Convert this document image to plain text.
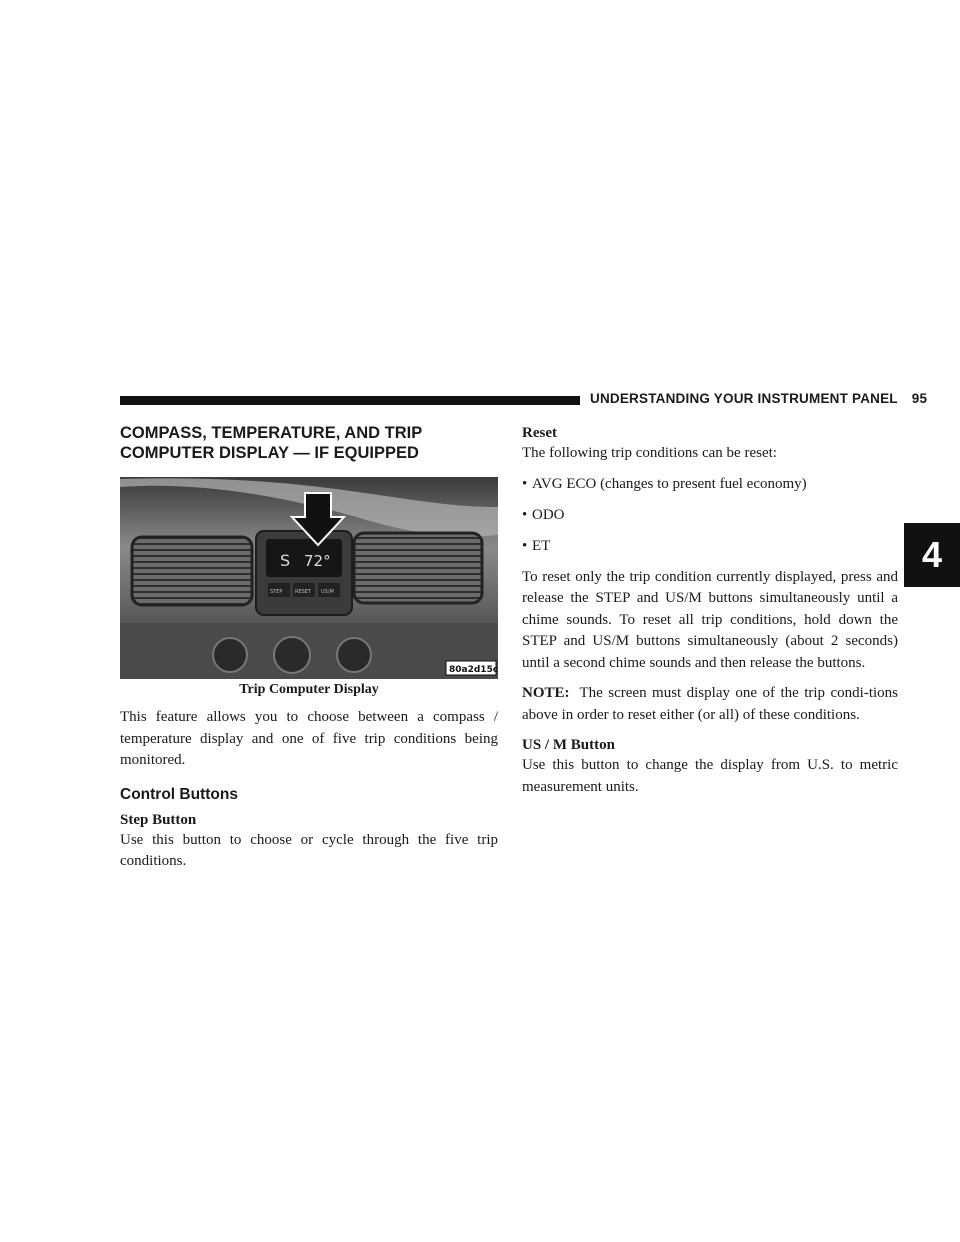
UNDERSTANDING YOUR INSTRUMENT PANEL 95
4
COMPASS, TEMPERATURE, AND TRIP
COMPUTER DISPLAY — IF EQUIPPED
S 72°
STEP	RESET US/M
80a2d15c
Trip Computer Display

This feature allows you to choose between a compass / temperature display and one of five trip conditions being monitored.

Control Buttons
Step Button

Use this button to choose or cycle through the five trip conditions.

Reset

The following trip conditions can be reset:

• AVG ECO (changes to present fuel economy)
• ODO
• ET

To reset only the trip condition currently displayed, press and release the STEP and US/M buttons simultaneously until a chime sounds. To reset all trip conditions, hold down the STEP and US/M buttons simultaneously (about 2 seconds) until a second chime sounds and then release the buttons.

NOTE: The screen must display one of the trip condi-tions above in order to reset either (or all) of these conditions.

US / M Button

Use this button to change the display from U.S. to metric measurement units.
